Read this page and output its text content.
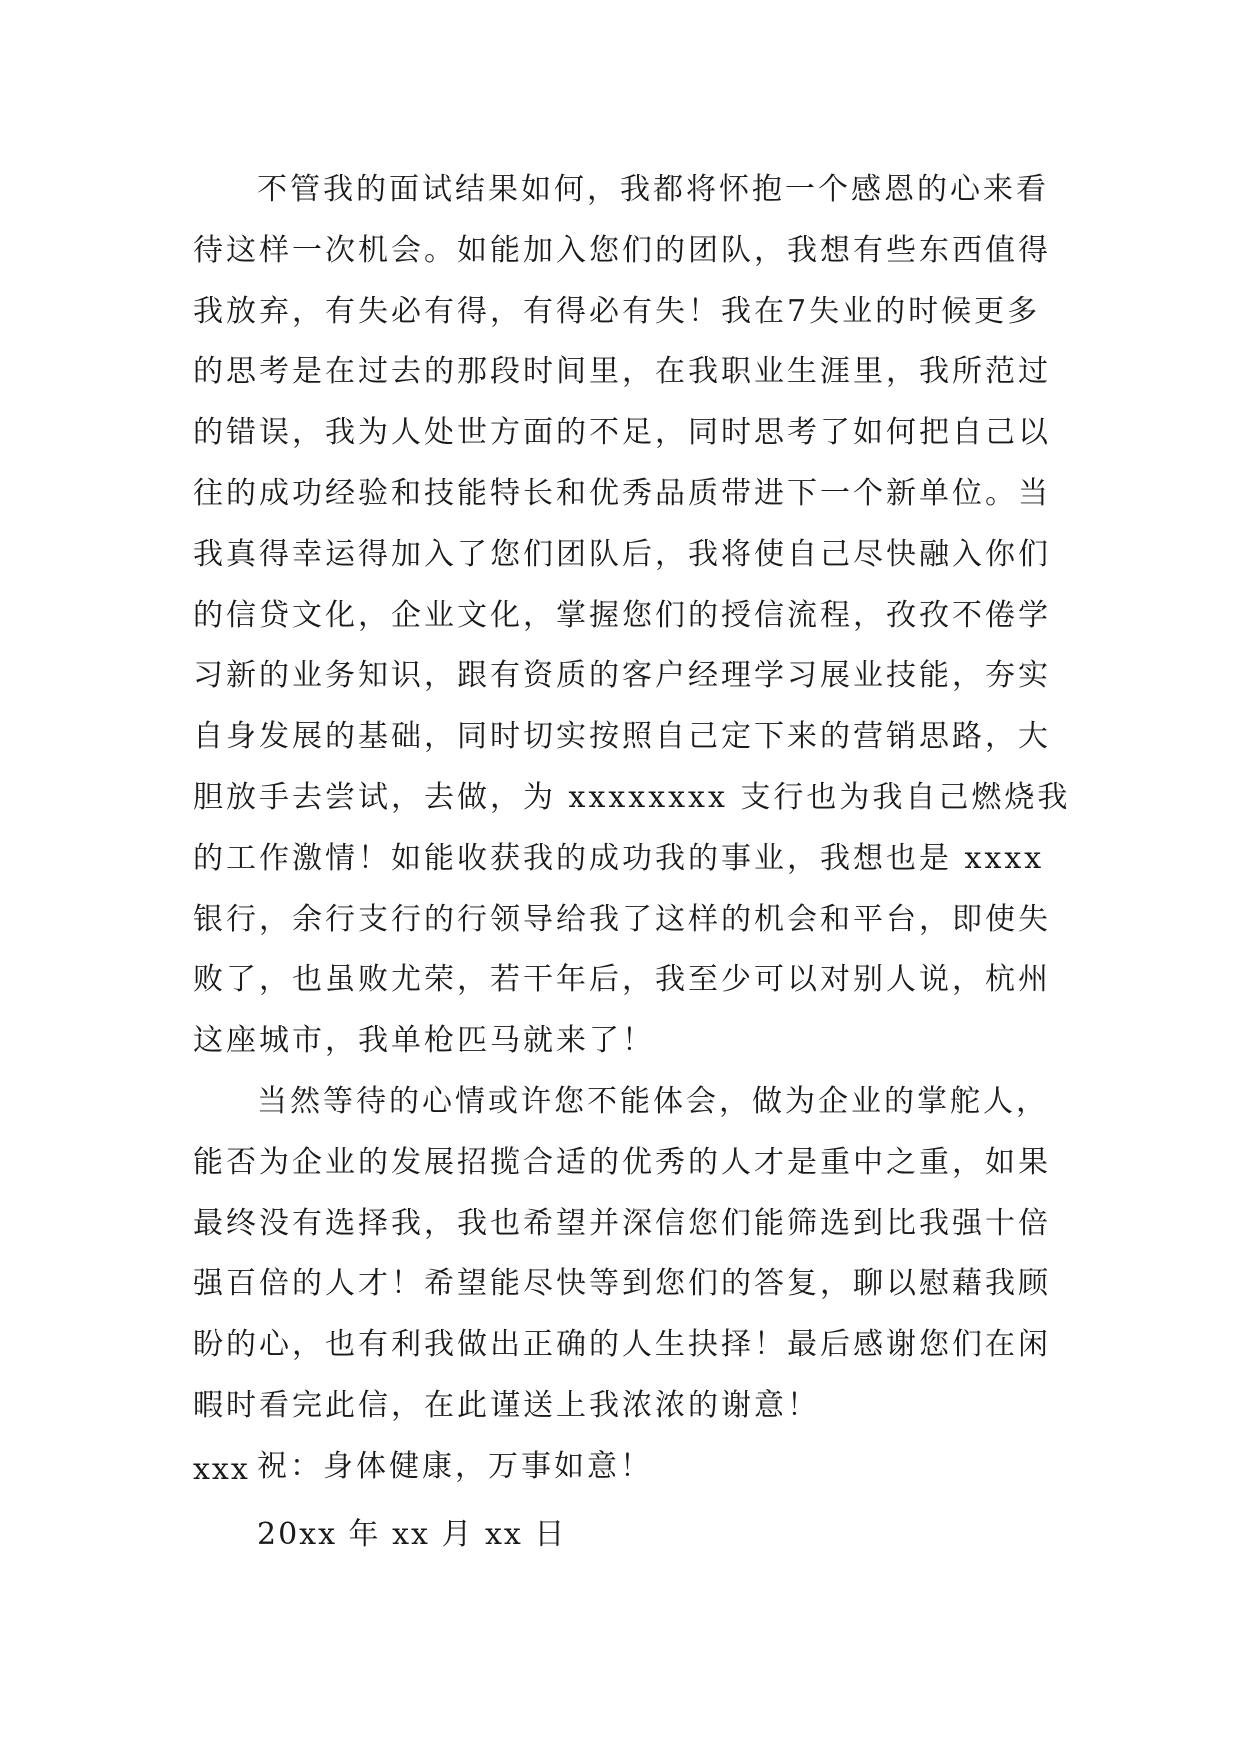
不管我的面试结果如何，我都将怀抱一个感恩的心来看
待这样一次机会。如能加入您们的团队，我想有些东西值得
我放弃，有失必有得，有得必有失！我在7失业的时候更多
的思考是在过去的那段时间里，在我职业生涯里，我所范过
的错误，我为人处世方面的不足，同时思考了如何把自己以
往的成功经验和技能特长和优秀品质带进下一个新单位。当
我真得幸运得加入了您们团队后，我将使自己尽快融入你们
的信贷文化，企业文化，掌握您们的授信流程，孜孜不倦学
习新的业务知识，跟有资质的客户经理学习展业技能，夯实
自身发展的基础，同时切实按照自己定下来的营销思路，大
胆放手去尝试，去做，为 xxxxxxxx 支行也为我自己燃烧我
的工作激情！如能收获我的成功我的事业，我想也是 xxxx
银行，余行支行的行领导给我了这样的机会和平台，即使失
败了，也虽败尤荣，若干年后，我至少可以对别人说，杭州
这座城市，我单枪匹马就来了！
当然等待的心情或许您不能体会，做为企业的掌舵人，
能否为企业的发展招揽合适的优秀的人才是重中之重，如果
最终没有选择我，我也希望并深信您们能筛选到比我强十倍
强百倍的人才！希望能尽快等到您们的答复，聊以慰藉我顾
盼的心，也有利我做出正确的人生抉择！最后感谢您们在闲
暇时看完此信，在此谨送上我浓浓的谢意！
祝：身体健康，万事如意！
xxx
20xx 年 xx 月 xx 日
